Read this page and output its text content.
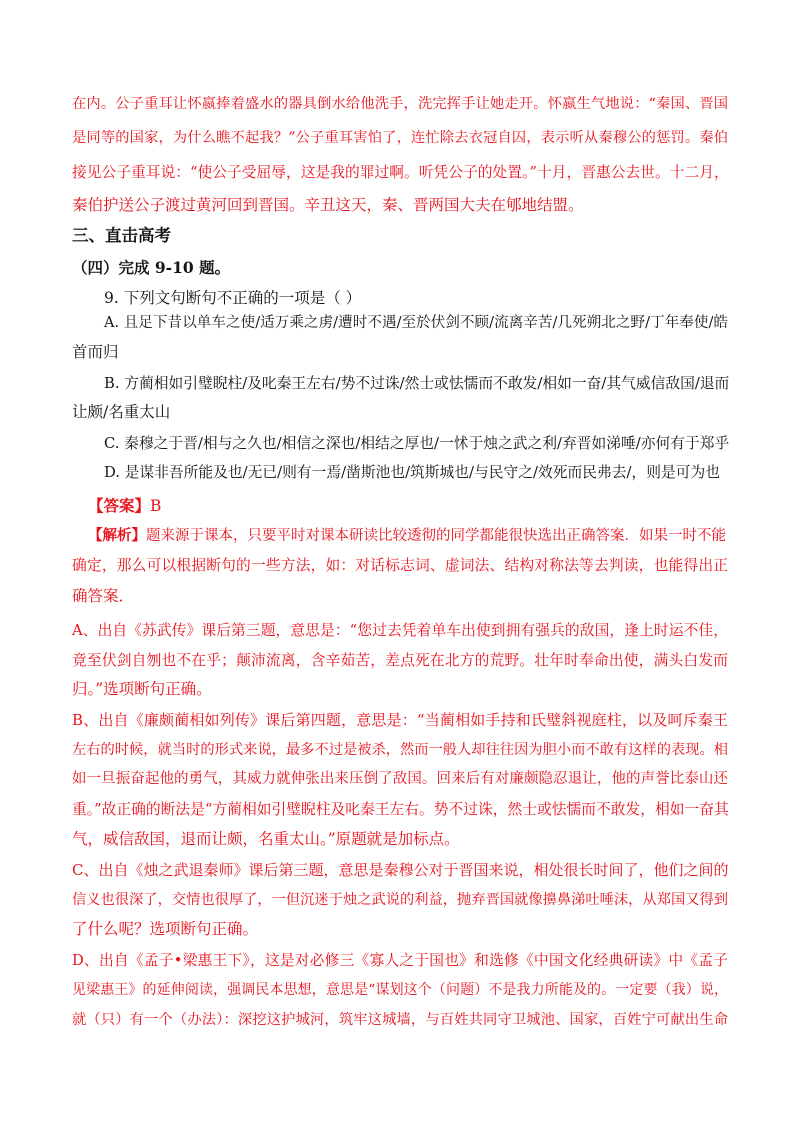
在内。公子重耳让怀嬴捧着盛水的器具倒水给他洗手，洗完挥手让她走开。怀嬴生气地说：“秦国、晋国
是同等的国家，为什么瞧不起我？”公子重耳害怕了，连忙除去衣冠自囚，表示听从秦穆公的惩罚。秦伯
接见公子重耳说：“使公子受屈辱，这是我的罪过啊。听凭公子的处置。”十月，晋惠公去世。十二月，
秦伯护送公子渡过黄河回到晋国。辛丑这天，秦、晋两国大夫在郇地结盟。
三、直击高考
（四）完成 9-10 题。
9. 下列文句断句不正确的一项是（ ）
A. 且足下昔以单车之使/适万乘之虏/遭时不遇/至於伏剑不顾/流离辛苦/几死朔北之野/丁年奉使/皓
首而归
B. 方蔺相如引璧睨柱/及叱秦王左右/势不过诛/然士或怯懦而不敢发/相如一奋/其气威信敌国/退而
让颇/名重太山
C. 秦穆之于晋/相与之久也/相信之深也/相结之厚也/一怵于烛之武之利/弃晋如涕唾/亦何有于郑乎
D. 是谋非吾所能及也/无已/则有一焉/凿斯池也/筑斯城也/与民守之/效死而民弗去/，则是可为也
【答案】B
【解析】题来源于课本，只要平时对课本研读比较透彻的同学都能很快选出正确答案．如果一时不能
确定，那么可以根据断句的一些方法，如：对话标志词、虚词法、结构对称法等去判读，也能得出正
确答案．
A、出自《苏武传》课后第三题，意思是：“您过去凭着单车出使到拥有强兵的敌国，逢上时运不佳，
竟至伏剑自刎也不在乎；颠沛流离，含辛茹苦，差点死在北方的荒野。壮年时奉命出使，满头白发而
归。”选项断句正确。
B、出自《廉颇蔺相如列传》课后第四题，意思是：“当蔺相如手持和氏璧斜视庭柱，以及呵斥秦王
左右的时候，就当时的形式来说，最多不过是被杀，然而一般人却往往因为胆小而不敢有这样的表现。相
如一旦振奋起他的勇气，其威力就伸张出来压倒了敌国。回来后有对廉颇隐忍退让，他的声誉比泰山还
重。”故正确的断法是“方蔺相如引璧睨柱及叱秦王左右。势不过诛，然士或怯懦而不敢发，相如一奋其
气，威信敌国，退而让颇，名重太山。”原题就是加标点。
C、出自《烛之武退秦师》课后第三题，意思是秦穆公对于晋国来说，相处很长时间了，他们之间的
信义也很深了，交情也很厚了，一但沉迷于烛之武说的利益，抛弃晋国就像擤鼻涕吐唾沫，从郑国又得到
了什么呢？选项断句正确。
D、出自《孟子•梁惠王下》，这是对必修三《寡人之于国也》和选修《中国文化经典研读》中《孟子
见梁惠王》的延伸阅读，强调民本思想，意思是“谋划这个（问题）不是我力所能及的。一定要（我）说，
就（只）有一个（办法）：深挖这护城河，筑牢这城墙，与百姓共同守卫城池、国家，百姓宁可献出生命
